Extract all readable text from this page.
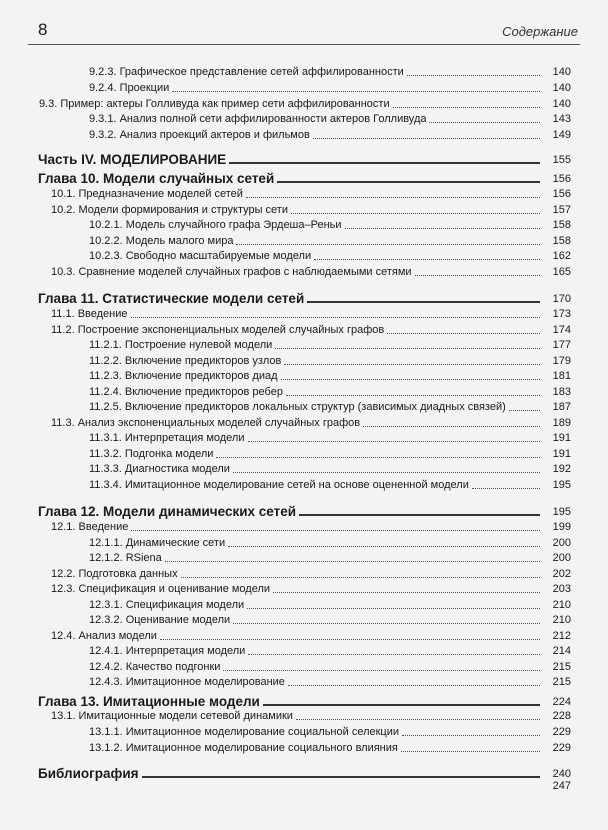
8	Содержание
9.2.3. Графическое представление сетей аффилированности	140
9.2.4. Проекции	140
9.3. Пример: актеры Голливуда как пример сети аффилированности	140
9.3.1. Анализ полной сети аффилированности актеров Голливуда	143
9.3.2. Анализ проекций актеров и фильмов	149
Часть IV. МОДЕЛИРОВАНИЕ	155
Глава 10. Модели случайных сетей	156
10.1. Предназначение моделей сетей	156
10.2. Модели формирования и структуры сети	157
10.2.1. Модель случайного графа Эрдеша–Реньи	158
10.2.2. Модель малого мира	158
10.2.3. Свободно масштабируемые модели	162
10.3. Сравнение моделей случайных графов с наблюдаемыми сетями	165
Глава 11. Статистические модели сетей	170
11.1. Введение	173
11.2. Построение экспоненциальных моделей случайных графов	174
11.2.1. Построение нулевой модели	177
11.2.2. Включение предикторов узлов	179
11.2.3. Включение предикторов диад	181
11.2.4. Включение предикторов ребер	183
11.2.5. Включение предикторов локальных структур (зависимых диадных связей)	187
11.3. Анализ экспоненциальных моделей случайных графов	189
11.3.1. Интерпретация модели	191
11.3.2. Подгонка модели	191
11.3.3. Диагностика модели	192
11.3.4. Имитационное моделирование сетей на основе оцененной модели	195
Глава 12. Модели динамических сетей	195
12.1. Введение	199
12.1.1. Динамические сети	200
12.1.2. RSiena	200
12.2. Подготовка данных	202
12.3. Спецификация и оценивание модели	203
12.3.1. Спецификация модели	210
12.3.2. Оценивание модели	210
12.4. Анализ модели	212
12.4.1. Интерпретация модели	214
12.4.2. Качество подгонки	215
12.4.3. Имитационное моделирование	215
Глава 13. Имитационные модели	224
13.1. Имитационные модели сетевой динамики	228
13.1.1. Имитационное моделирование социальной селекции	229
13.1.2. Имитационное моделирование социального влияния	229
Библиография	240
247
